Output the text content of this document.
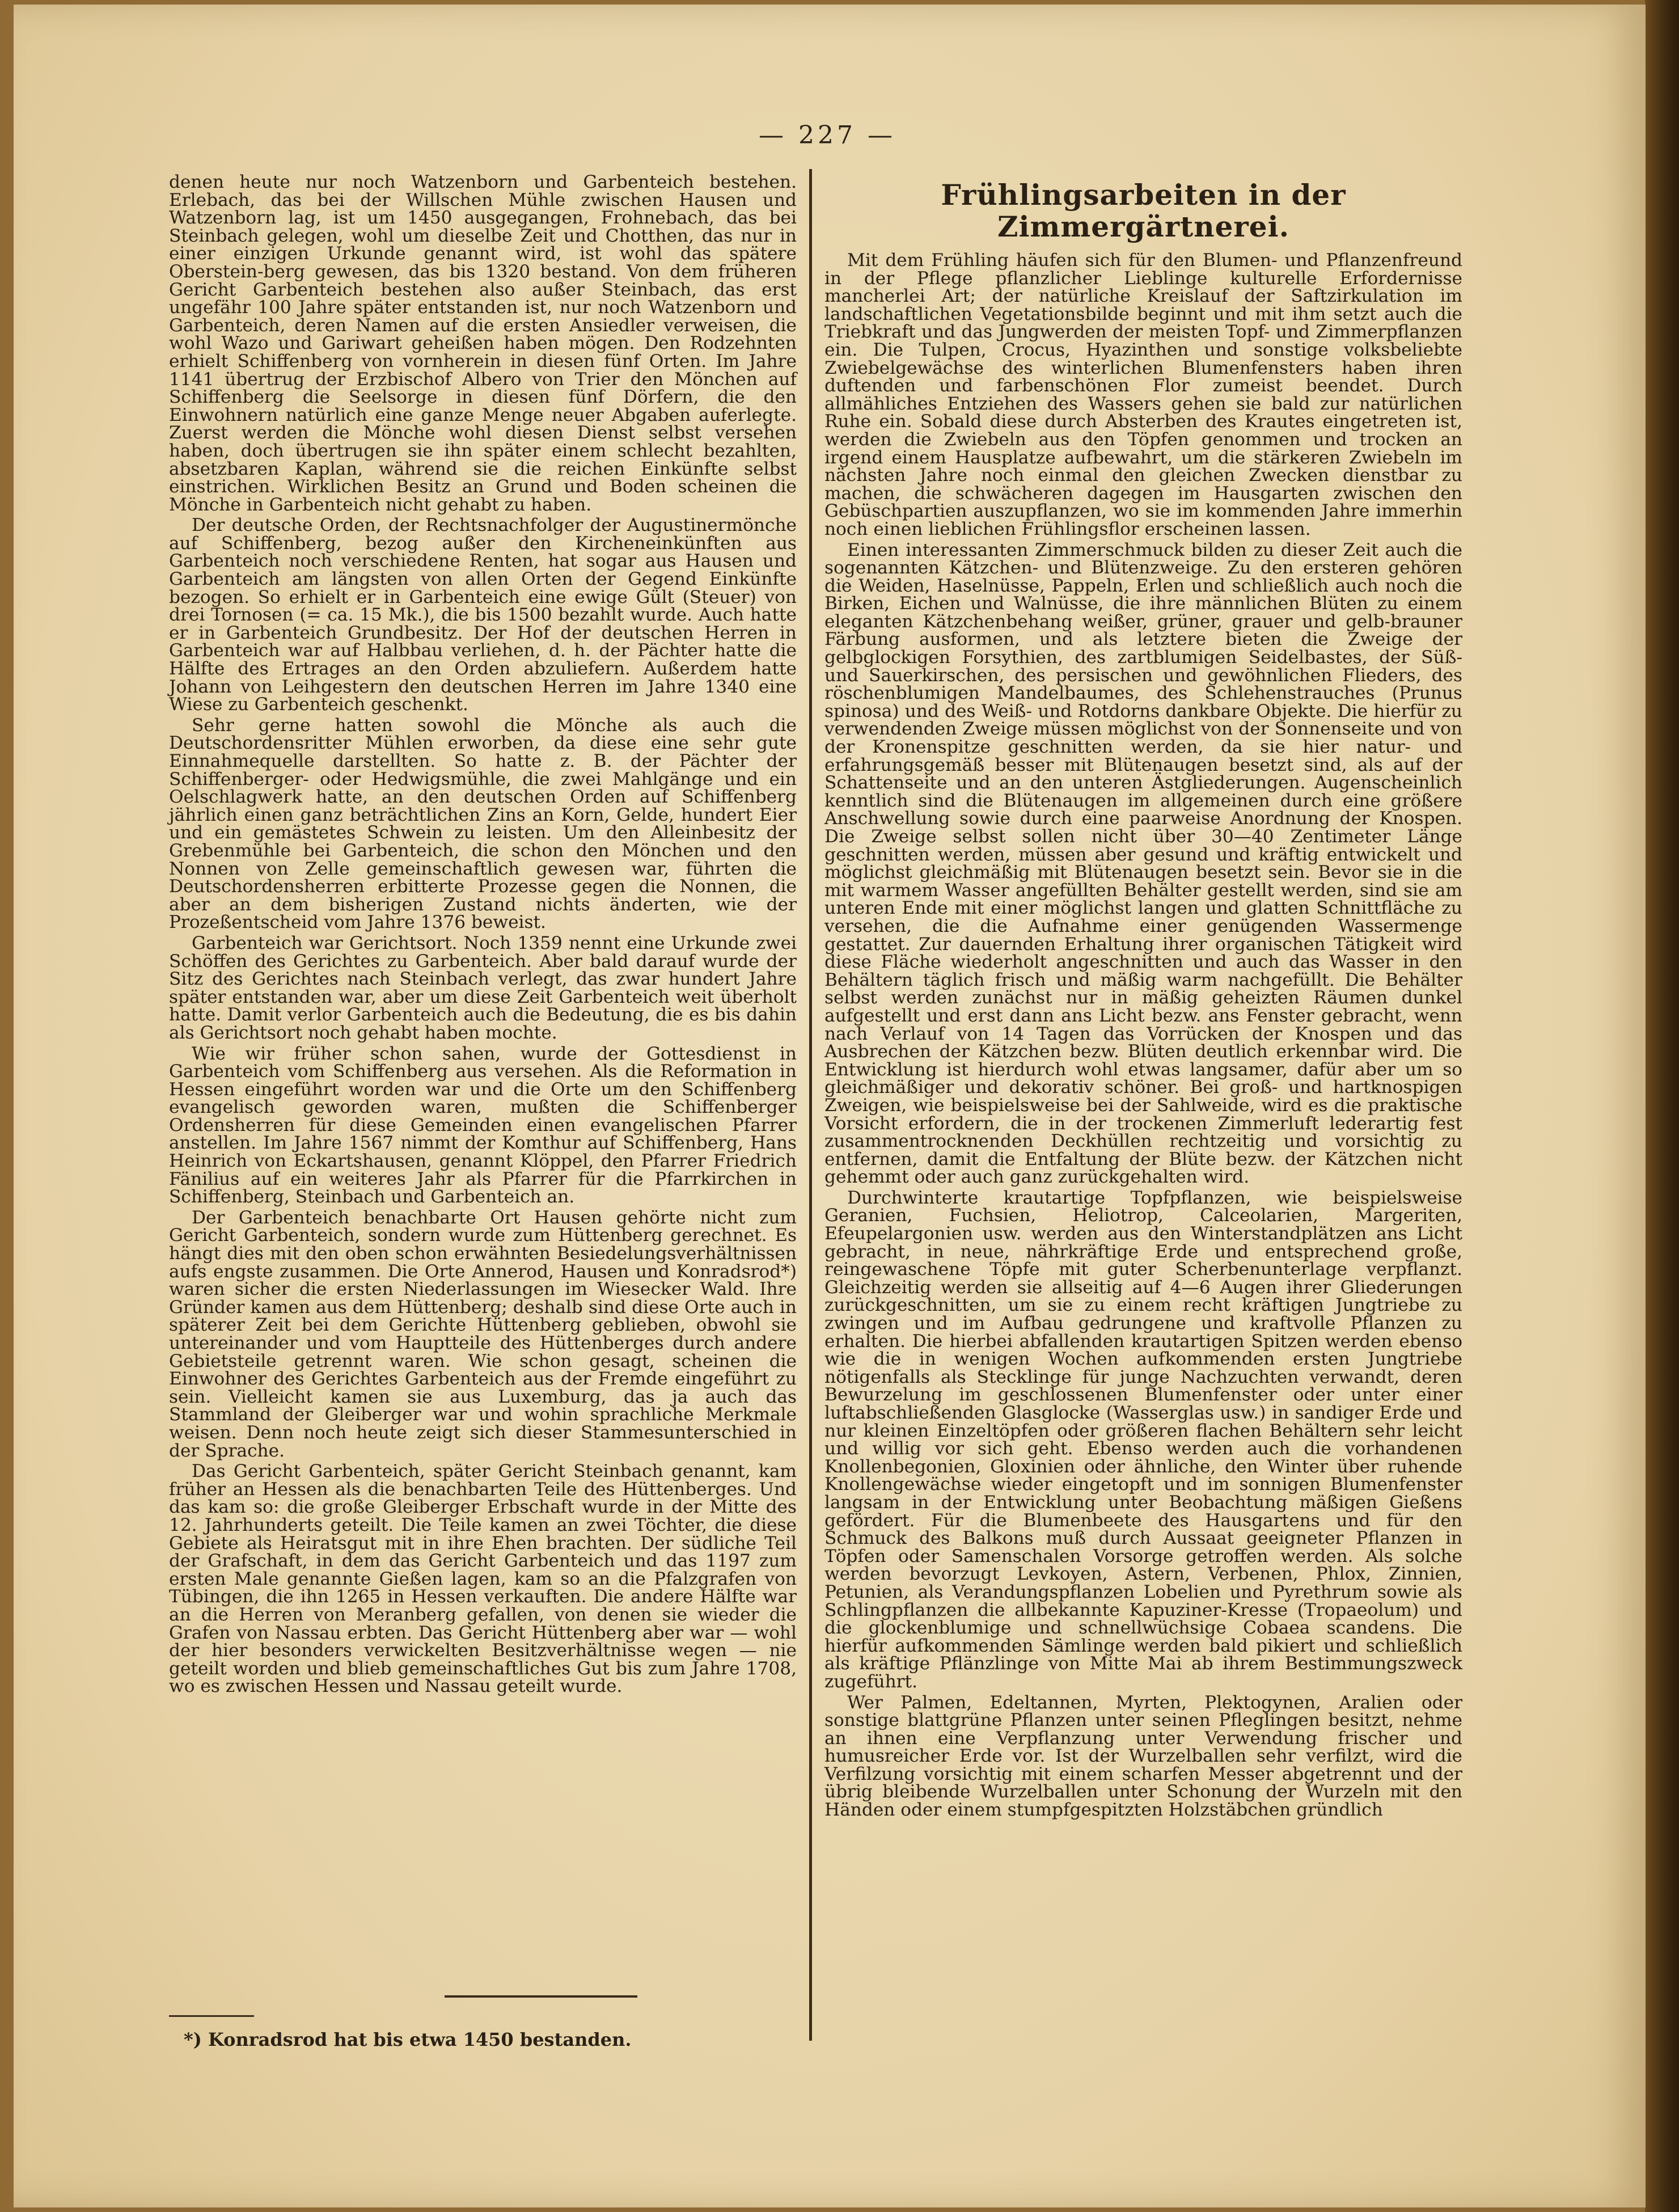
— 227 —

denen heute nur noch Watzenborn und Garbenteich bestehen. Erlebach, das bei der Willschen Mühle zwischen Hausen und Watzenborn lag, ist um 1450 ausgegangen, Frohnebach, das bei Steinbach gelegen, wohl um dieselbe Zeit und Chotthen, das nur in einer einzigen Urkunde genannt wird, ist wohl das spätere Oberstein-berg gewesen, das bis 1320 bestand. Von dem früheren Gericht Garbenteich bestehen also außer Steinbach, das erst ungefähr 100 Jahre später entstanden ist, nur noch Watzenborn und Garbenteich, deren Namen auf die ersten Ansiedler verweisen, die wohl Wazo und Gariwart geheißen haben mögen. Den Rodzehnten erhielt Schiffenberg von vornherein in diesen fünf Orten. Im Jahre 1141 übertrug der Erzbischof Albero von Trier den Mönchen auf Schiffenberg die Seelsorge in diesen fünf Dörfern, die den Einwohnern natürlich eine ganze Menge neuer Abgaben auferlegte. Zuerst werden die Mönche wohl diesen Dienst selbst versehen haben, doch übertrugen sie ihn später einem schlecht bezahlten, absetzbaren Kaplan, während sie die reichen Einkünfte selbst einstrichen. Wirklichen Besitz an Grund und Boden scheinen die Mönche in Garbenteich nicht gehabt zu haben.

Der deutsche Orden, der Rechtsnachfolger der Augustinermönche auf Schiffenberg, bezog außer den Kircheneinkünften aus Garbenteich noch verschiedene Renten, hat sogar aus Hausen und Garbenteich am längsten von allen Orten der Gegend Einkünfte bezogen. So erhielt er in Garbenteich eine ewige Gült (Steuer) von drei Tornosen (= ca. 15 Mk.), die bis 1500 bezahlt wurde. Auch hatte er in Garbenteich Grundbesitz. Der Hof der deutschen Herren in Garbenteich war auf Halbbau verliehen, d. h. der Pächter hatte die Hälfte des Ertrages an den Orden abzuliefern. Außerdem hatte Johann von Leihgestern den deutschen Herren im Jahre 1340 eine Wiese zu Garbenteich geschenkt.

Sehr gerne hatten sowohl die Mönche als auch die Deutschordensritter Mühlen erworben, da diese eine sehr gute Einnahmequelle darstellten. So hatte z. B. der Pächter der Schiffenberger- oder Hedwigsmühle, die zwei Mahlgänge und ein Oelschlagwerk hatte, an den deutschen Orden auf Schiffenberg jährlich einen ganz beträchtlichen Zins an Korn, Gelde, hundert Eier und ein gemästetes Schwein zu leisten. Um den Alleinbesitz der Grebenmühle bei Garbenteich, die schon den Mönchen und den Nonnen von Zelle gemeinschaftlich gewesen war, führten die Deutschordensherren erbitterte Prozesse gegen die Nonnen, die aber an dem bisherigen Zustand nichts änderten, wie der Prozeßentscheid vom Jahre 1376 beweist.

Garbenteich war Gerichtsort. Noch 1359 nennt eine Urkunde zwei Schöffen des Gerichtes zu Garbenteich. Aber bald darauf wurde der Sitz des Gerichtes nach Steinbach verlegt, das zwar hundert Jahre später entstanden war, aber um diese Zeit Garbenteich weit überholt hatte. Damit verlor Garbenteich auch die Bedeutung, die es bis dahin als Gerichtsort noch gehabt haben mochte.

Wie wir früher schon sahen, wurde der Gottesdienst in Garbenteich vom Schiffenberg aus versehen. Als die Reformation in Hessen eingeführt worden war und die Orte um den Schiffenberg evangelisch geworden waren, mußten die Schiffenberger Ordensherren für diese Gemeinden einen evangelischen Pfarrer anstellen. Im Jahre 1567 nimmt der Komthur auf Schiffenberg, Hans Heinrich von Eckartshausen, genannt Klöppel, den Pfarrer Friedrich Fänilius auf ein weiteres Jahr als Pfarrer für die Pfarrkirchen in Schiffenberg, Steinbach und Garbenteich an.

Der Garbenteich benachbarte Ort Hausen gehörte nicht zum Gericht Garbenteich, sondern wurde zum Hüttenberg gerechnet. Es hängt dies mit den oben schon erwähnten Besiedelungsverhältnissen aufs engste zusammen. Die Orte Annerod, Hausen und Konradsrod*) waren sicher die ersten Niederlassungen im Wiesecker Wald. Ihre Gründer kamen aus dem Hüttenberg; deshalb sind diese Orte auch in späterer Zeit bei dem Gerichte Hüttenberg geblieben, obwohl sie untereinander und vom Hauptteile des Hüttenberges durch andere Gebietsteile getrennt waren. Wie schon gesagt, scheinen die Einwohner des Gerichtes Garbenteich aus der Fremde eingeführt zu sein. Vielleicht kamen sie aus Luxemburg, das ja auch das Stammland der Gleiberger war und wohin sprachliche Merkmale weisen. Denn noch heute zeigt sich dieser Stammesunterschied in der Sprache.

Das Gericht Garbenteich, später Gericht Steinbach genannt, kam früher an Hessen als die benachbarten Teile des Hüttenberges. Und das kam so: die große Gleiberger Erbschaft wurde in der Mitte des 12. Jahrhunderts geteilt. Die Teile kamen an zwei Töchter, die diese Gebiete als Heiratsgut mit in ihre Ehen brachten. Der südliche Teil der Grafschaft, in dem das Gericht Garbenteich und das 1197 zum ersten Male genannte Gießen lagen, kam so an die Pfalzgrafen von Tübingen, die ihn 1265 in Hessen verkauften. Die andere Hälfte war an die Herren von Meranberg gefallen, von denen sie wieder die Grafen von Nassau erbten. Das Gericht Hüttenberg aber war — wohl der hier besonders verwickelten Besitzverhältnisse wegen — nie geteilt worden und blieb gemeinschaftliches Gut bis zum Jahre 1708, wo es zwischen Hessen und Nassau geteilt wurde.

Frühlingsarbeiten in der Zimmergärtnerei.

Mit dem Frühling häufen sich für den Blumen- und Pflanzenfreund in der Pflege pflanzlicher Lieblinge kulturelle Erfordernisse mancherlei Art; der natürliche Kreislauf der Saftzirkulation im landschaftlichen Vegetationsbilde beginnt und mit ihm setzt auch die Triebkraft und das Jungwerden der meisten Topf- und Zimmerpflanzen ein. Die Tulpen, Crocus, Hyazinthen und sonstige volksbeliebte Zwiebelgewächse des winterlichen Blumenfensters haben ihren duftenden und farbenschönen Flor zumeist beendet. Durch allmähliches Entziehen des Wassers gehen sie bald zur natürlichen Ruhe ein. Sobald diese durch Absterben des Krautes eingetreten ist, werden die Zwiebeln aus den Töpfen genommen und trocken an irgend einem Hausplatze aufbewahrt, um die stärkeren Zwiebeln im nächsten Jahre noch einmal den gleichen Zwecken dienstbar zu machen, die schwächeren dagegen im Hausgarten zwischen den Gebüschpartien auszupflanzen, wo sie im kommenden Jahre immerhin noch einen lieblichen Frühlingsflor erscheinen lassen.

Einen interessanten Zimmerschmuck bilden zu dieser Zeit auch die sogenannten Kätzchen- und Blütenzweige. Zu den ersteren gehören die Weiden, Haselnüsse, Pappeln, Erlen und schließlich auch noch die Birken, Eichen und Walnüsse, die ihre männlichen Blüten zu einem eleganten Kätzchenbehang weißer, grüner, grauer und gelb-brauner Färbung ausformen, und als letztere bieten die Zweige der gelbglockigen Forsythien, des zartblumigen Seidelbastes, der Süß- und Sauerkirschen, des persischen und gewöhnlichen Flieders, des röschenblumigen Mandelbaumes, des Schlehenstrauches (Prunus spinosa) und des Weiß- und Rotdorns dankbare Objekte. Die hierfür zu verwendenden Zweige müssen möglichst von der Sonnenseite und von der Kronenspitze geschnitten werden, da sie hier natur- und erfahrungsgemäß besser mit Blütenaugen besetzt sind, als auf der Schattenseite und an den unteren Ästgliederungen. Augenscheinlich kenntlich sind die Blütenaugen im allgemeinen durch eine größere Anschwellung sowie durch eine paarweise Anordnung der Knospen. Die Zweige selbst sollen nicht über 30—40 Zentimeter Länge geschnitten werden, müssen aber gesund und kräftig entwickelt und möglichst gleichmäßig mit Blütenaugen besetzt sein. Bevor sie in die mit warmem Wasser angefüllten Behälter gestellt werden, sind sie am unteren Ende mit einer möglichst langen und glatten Schnittfläche zu versehen, die die Aufnahme einer genügenden Wassermenge gestattet. Zur dauernden Erhaltung ihrer organischen Tätigkeit wird diese Fläche wiederholt angeschnitten und auch das Wasser in den Behältern täglich frisch und mäßig warm nachgefüllt. Die Behälter selbst werden zunächst nur in mäßig geheizten Räumen dunkel aufgestellt und erst dann ans Licht bezw. ans Fenster gebracht, wenn nach Verlauf von 14 Tagen das Vorrücken der Knospen und das Ausbrechen der Kätzchen bezw. Blüten deutlich erkennbar wird. Die Entwicklung ist hierdurch wohl etwas langsamer, dafür aber um so gleichmäßiger und dekorativ schöner. Bei groß- und hartknospigen Zweigen, wie beispielsweise bei der Sahlweide, wird es die praktische Vorsicht erfordern, die in der trockenen Zimmerluft lederartig fest zusammentrocknenden Deckhüllen rechtzeitig und vorsichtig zu entfernen, damit die Entfaltung der Blüte bezw. der Kätzchen nicht gehemmt oder auch ganz zurückgehalten wird.

Durchwinterte krautartige Topfpflanzen, wie beispielsweise Geranien, Fuchsien, Heliotrop, Calceolarien, Margeriten, Efeupelargonien usw. werden aus den Winterstandplätzen ans Licht gebracht, in neue, nährkräftige Erde und entsprechend große, reingewaschene Töpfe mit guter Scherbenunterlage verpflanzt. Gleichzeitig werden sie allseitig auf 4—6 Augen ihrer Gliederungen zurückgeschnitten, um sie zu einem recht kräftigen Jungtriebe zu zwingen und im Aufbau gedrungene und kraftvolle Pflanzen zu erhalten. Die hierbei abfallenden krautartigen Spitzen werden ebenso wie die in wenigen Wochen aufkommenden ersten Jungtriebe nötigenfalls als Stecklinge für junge Nachzuchten verwandt, deren Bewurzelung im geschlossenen Blumenfenster oder unter einer luftabschließenden Glasglocke (Wasserglas usw.) in sandiger Erde und nur kleinen Einzeltöpfen oder größeren flachen Behältern sehr leicht und willig vor sich geht. Ebenso werden auch die vorhandenen Knollenbegonien, Gloxinien oder ähnliche, den Winter über ruhende Knollengewächse wieder eingetopft und im sonnigen Blumenfenster langsam in der Entwicklung unter Beobachtung mäßigen Gießens gefördert. Für die Blumenbeete des Hausgartens und für den Schmuck des Balkons muß durch Aussaat geeigneter Pflanzen in Töpfen oder Samenschalen Vorsorge getroffen werden. Als solche werden bevorzugt Levkoyen, Astern, Verbenen, Phlox, Zinnien, Petunien, als Verandungspflanzen Lobelien und Pyrethrum sowie als Schlingpflanzen die allbekannte Kapuziner-Kresse (Tropaeolum) und die glockenblumige und schnellwüchsige Cobaea scandens. Die hierfür aufkommenden Sämlinge werden bald pikiert und schließlich als kräftige Pflänzlinge von Mitte Mai ab ihrem Bestimmungszweck zugeführt.

Wer Palmen, Edeltannen, Myrten, Plektogynen, Aralien oder sonstige blattgrüne Pflanzen unter seinen Pfleglingen besitzt, nehme an ihnen eine Verpflanzung unter Verwendung frischer und humusreicher Erde vor. Ist der Wurzelballen sehr verfilzt, wird die Verfilzung vorsichtig mit einem scharfen Messer abgetrennt und der übrig bleibende Wurzelballen unter Schonung der Wurzeln mit den Händen oder einem stumpfgespitzten Holzstäbchen gründlich

*) Konradsrod hat bis etwa 1450 bestanden.
